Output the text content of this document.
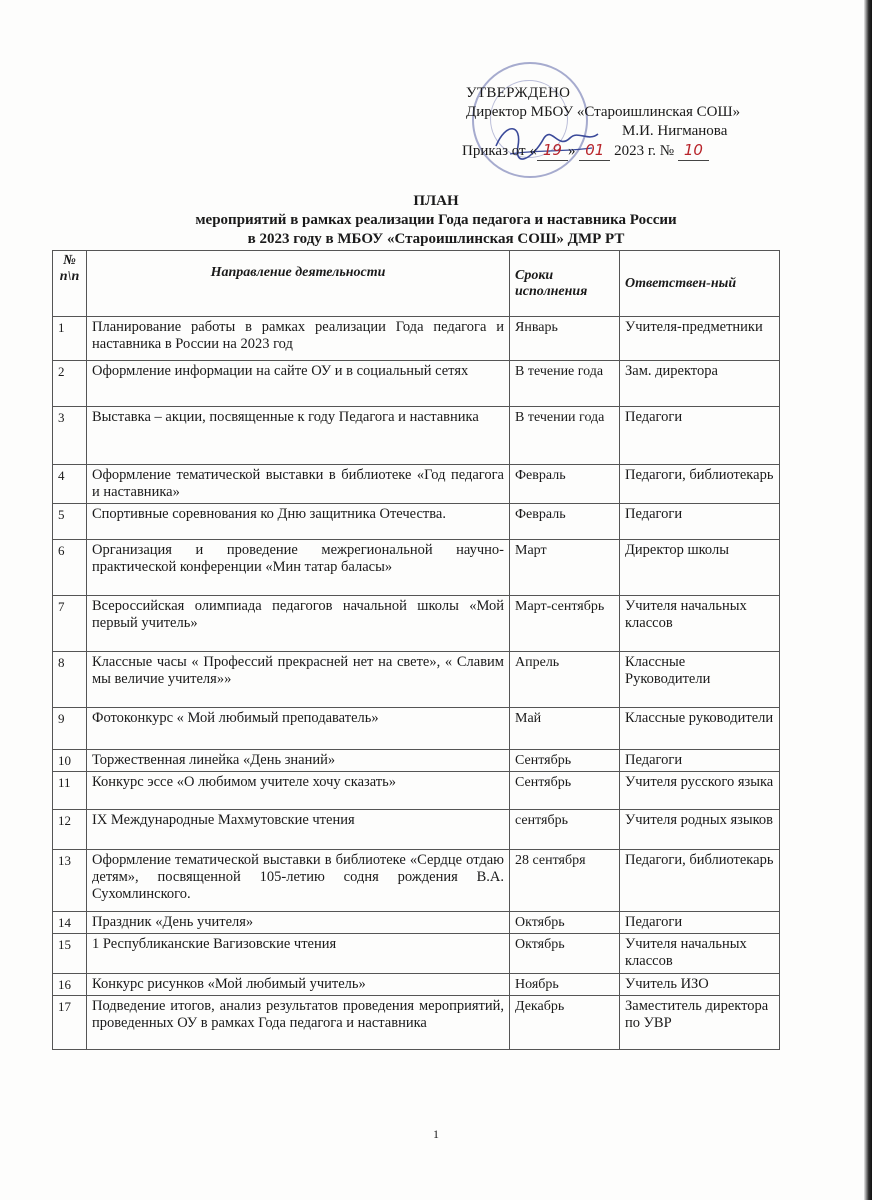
УТВЕРЖДЕНО
Директор МБОУ «Староишлинская СОШ»
М.И. Нигманова
Приказ от « 19 » 01 2023 г. № 10
ПЛАН
мероприятий в рамках реализации Года педагога и наставника России
в 2023 году в МБОУ «Староишлинская СОШ» ДМР РТ
№ п\п	Направление деятельности	Сроки исполнения	Ответствен-ный
1	Планирование работы в рамках реализации Года педагога и наставника в России на 2023 год	Январь	Учителя-предметники
2	Оформление информации на сайте ОУ и в социальный сетях	В течение года	Зам. директора
3	Выставка – акции, посвященные к году Педагога и наставника	В течении года	Педагоги
4	Оформление тематической выставки в библиотеке «Год педагога и наставника»	Февраль	Педагоги, библиотекарь
5	Спортивные соревнования ко Дню защитника Отечества.	Февраль	Педагоги
6	Организация и проведение межрегиональной научно-практической конференции «Мин татар баласы»	Март	Директор школы
7	Всероссийская олимпиада педагогов начальной школы «Мой первый учитель»	Март-сентябрь	Учителя начальных классов
8	Классные часы « Профессий прекрасней нет на свете», « Славим мы величие учителя»»	Апрель	Классные Руководители
9	Фотоконкурс « Мой любимый преподаватель»	Май	Классные руководители
10	Торжественная линейка «День знаний»	Сентябрь	Педагоги
11	Конкурс эссе «О любимом учителе хочу сказать»	Сентябрь	Учителя русского языка
12	IX Международные Махмутовские чтения	сентябрь	Учителя родных языков
13	Оформление тематической выставки в библиотеке «Сердце отдаю детям», посвященной 105-летию содня рождения В.А. Сухомлинского.	28 сентября	Педагоги, библиотекарь
14	Праздник «День учителя»	Октябрь	Педагоги
15	1 Республиканские Вагизовские чтения	Октябрь	Учителя начальных классов
16	Конкурс рисунков «Мой любимый учитель»	Ноябрь	Учитель ИЗО
17	Подведение итогов, анализ результатов проведения мероприятий, проведенных ОУ в рамках Года педагога и наставника	Декабрь	Заместитель директора по УВР
1
